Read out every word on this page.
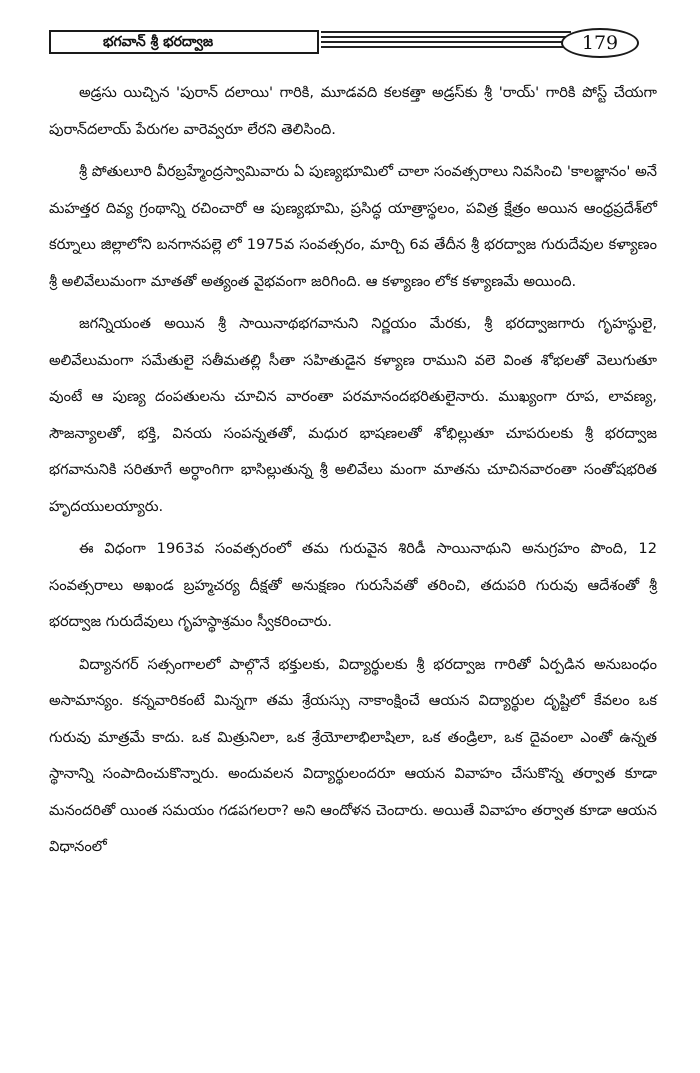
భగవాన్ శ్రీ భరద్వాజ	179

అడ్రసు యిచ్చిన 'పురాన్ దలాయి' గారికి, మూడవది కలకత్తా అడ్రస్‌కు శ్రీ 'రాయ్' గారికి పోస్ట్ చేయగా పురాన్‌దలాయ్ పేరుగల వారెవ్వరూ లేరని తెలిసింది.

శ్రీ పోతులూరి వీరబ్రహ్మేంద్రస్వామివారు ఏ పుణ్యభూమిలో చాలా సంవత్సరాలు నివసించి 'కాలజ్ఞానం' అనే మహత్తర దివ్య గ్రంథాన్ని రచించారో ఆ పుణ్యభూమి, ప్రసిద్ధ యాత్రాస్థలం, పవిత్ర క్షేత్రం అయిన ఆంధ్రప్రదేశ్‌లో కర్నూలు జిల్లాలోని బనగానపల్లె లో 1975వ సంవత్సరం, మార్చి 6వ తేదీన శ్రీ భరద్వాజ గురుదేవుల కళ్యాణం శ్రీ అలివేలుమంగా మాతతో అత్యంత వైభవంగా జరిగింది. ఆ కళ్యాణం లోక కళ్యాణమే అయింది.

జగన్నియంత అయిన శ్రీ సాయినాథభగవానుని నిర్ణయం మేరకు, శ్రీ భరద్వాజగారు గృహస్థులై, అలివేలుమంగా సమేతులై సతీమతల్లి సీతా సహితుడైన కళ్యాణ రాముని వలె వింత శోభలతో వెలుగుతూ వుంటే ఆ పుణ్య దంపతులను చూచిన వారంతా పరమానందభరితులైనారు. ముఖ్యంగా రూప, లావణ్య, సౌజన్యాలతో, భక్తి, వినయ సంపన్నతతో, మధుర భాషణలతో శోభిల్లుతూ చూపరులకు శ్రీ భరద్వాజ భగవానునికి సరితూగే అర్ధాంగిగా భాసిల్లుతున్న శ్రీ అలివేలు మంగా మాతను చూచినవారంతా సంతోషభరిత హృదయులయ్యారు.

ఈ విధంగా 1963వ సంవత్సరంలో తమ గురువైన శిరిడీ సాయినాథుని అనుగ్రహం పొంది, 12 సంవత్సరాలు అఖండ బ్రహ్మచర్య దీక్షతో అనుక్షణం గురుసేవతో తరించి, తదుపరి గురువు ఆదేశంతో శ్రీ భరద్వాజ గురుదేవులు గృహస్థాశ్రమం స్వీకరించారు.

విద్యానగర్ సత్సంగాలలో పాల్గొనే భక్తులకు, విద్యార్థులకు శ్రీ భరద్వాజ గారితో ఏర్పడిన అనుబంధం అసామాన్యం. కన్నవారికంటే మిన్నగా తమ శ్రేయస్సు నాకాంక్షించే ఆయన విద్యార్థుల దృష్టిలో కేవలం ఒక గురువు మాత్రమే కాదు. ఒక మిత్రునిలా, ఒక శ్రేయోలాభిలాషిలా, ఒక తండ్రిలా, ఒక దైవంలా ఎంతో ఉన్నత స్థానాన్ని సంపాదించుకొన్నారు. అందువలన విద్యార్థులందరూ ఆయన వివాహం చేసుకొన్న తర్వాత కూడా మనందరితో యింత సమయం గడపగలరా? అని ఆందోళన చెందారు. అయితే వివాహం తర్వాత కూడా ఆయన విధానంలో
